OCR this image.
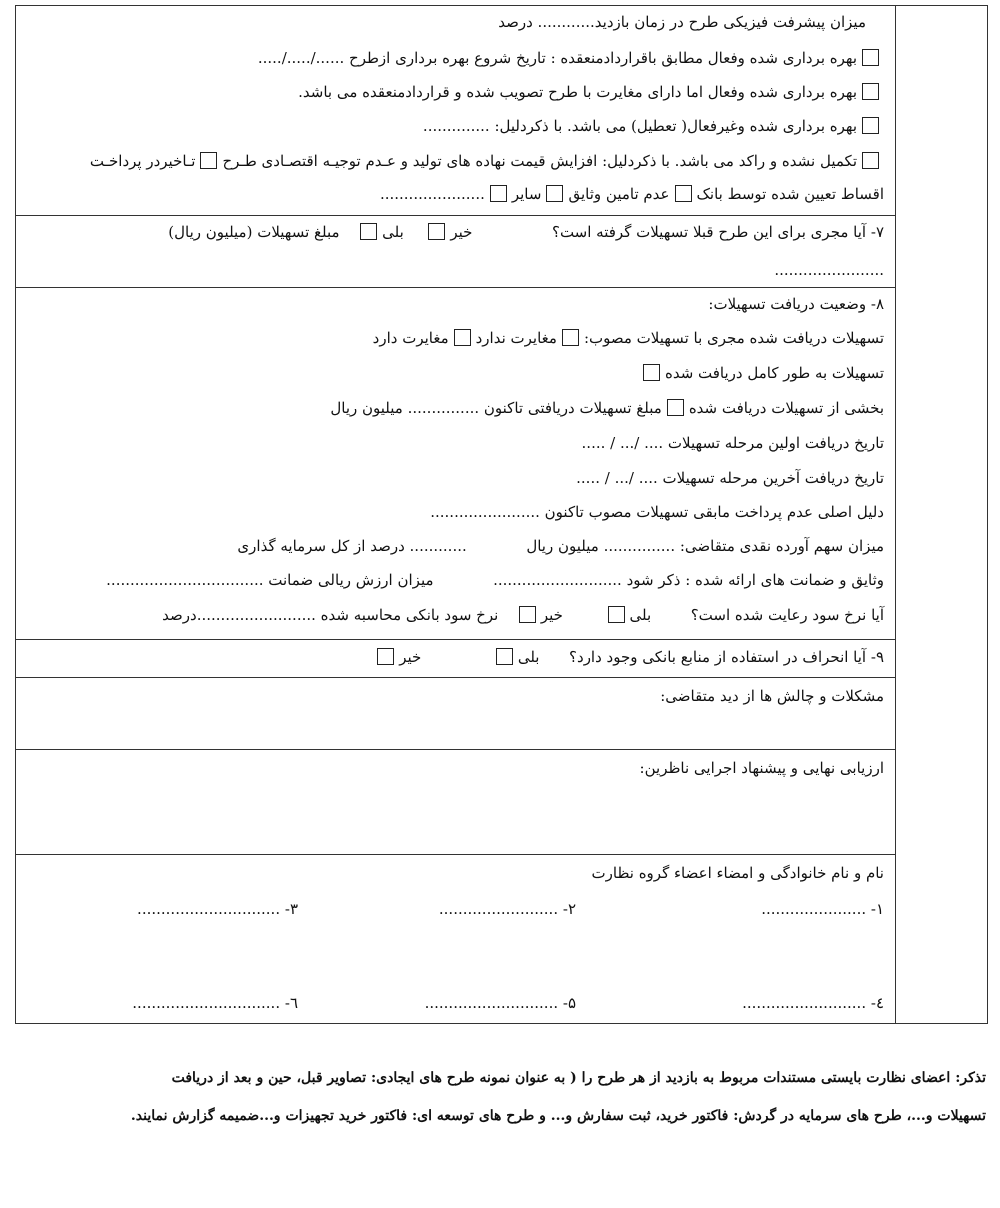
میزان پیشرفت فیزیکی طرح در زمان بازدید............ درصد
بهره برداری شده وفعال مطابق باقراردادمنعقده : تاریخ شروع بهره برداری ازطرح ....../...../.....
بهره برداری شده وفعال اما دارای مغایرت با طرح تصویب شده و قراردادمنعقده می باشد.
بهره برداری شده وغیرفعال( تعطیل) می باشد. با ذکردلیل: ..............
تکمیل نشده و راکد می باشد. با ذکردلیل: افزایش قیمت نهاده های تولید و عـدم توجیـه اقتصـادی طـرحتـاخیردر پرداخـت
اقساط تعیین شده توسط بانکعدم تامین وثایقسایر......................
۷- آیا مجری برای این طرح قبلا تسهیلات گرفته است؟  خیر  بلی  مبلغ تسهیلات (میلیون ریال)
.......................
۸- وضعیت دریافت تسهیلات:
تسهیلات دریافت شده مجری با تسهیلات مصوب:مغایرت نداردمغایرت دارد
تسهیلات به طور کامل دریافت شده
بخشی از تسهیلات دریافت شدهمبلغ تسهیلات دریافتی تاکنون ............... میلیون ریال
تاریخ دریافت اولین مرحله تسهیلات .... /... / .....
تاریخ دریافت آخرین مرحله تسهیلات .... /... / .....
دلیل اصلی عدم پرداخت مابقی تسهیلات مصوب تاکنون .......................
میزان سهم آورده نقدی متقاضی: ............... میلیون ریال  ............ درصد از کل سرمایه گذاری
وثایق و ضمانت های ارائه شده : ذکر شود ...........................  میزان ارزش ریالی ضمانت .................................
آیا نرخ سود رعایت شده است؟  بلی  خیر  نرخ سود بانکی محاسبه شده .........................درصد
۹- آیا انحراف در استفاده از منابع بانکی وجود دارد؟  بلی  خیر
مشکلات و چالش ها از دید متقاضی:
ارزیابی نهایی و پیشنهاد اجرایی ناظرین:
نام و نام خانوادگی و امضاء اعضاء گروه نظارت
۱- ......................
۲- .........................
۳- ..............................
٤- ..........................
۵- ............................
٦- ...............................
تذکر: اعضای نظارت بایستی مستندات مربوط به بازدید از هر طرح را ( به عنوان نمونه طرح های ایجادی: تصاویر قبل، حین و بعد از دریافت
تسهیلات و...، طرح های سرمایه در گردش: فاکتور خرید، ثبت سفارش و... و طرح های توسعه ای: فاکتور خرید تجهیزات و...ضمیمه گزارش نمایند.
